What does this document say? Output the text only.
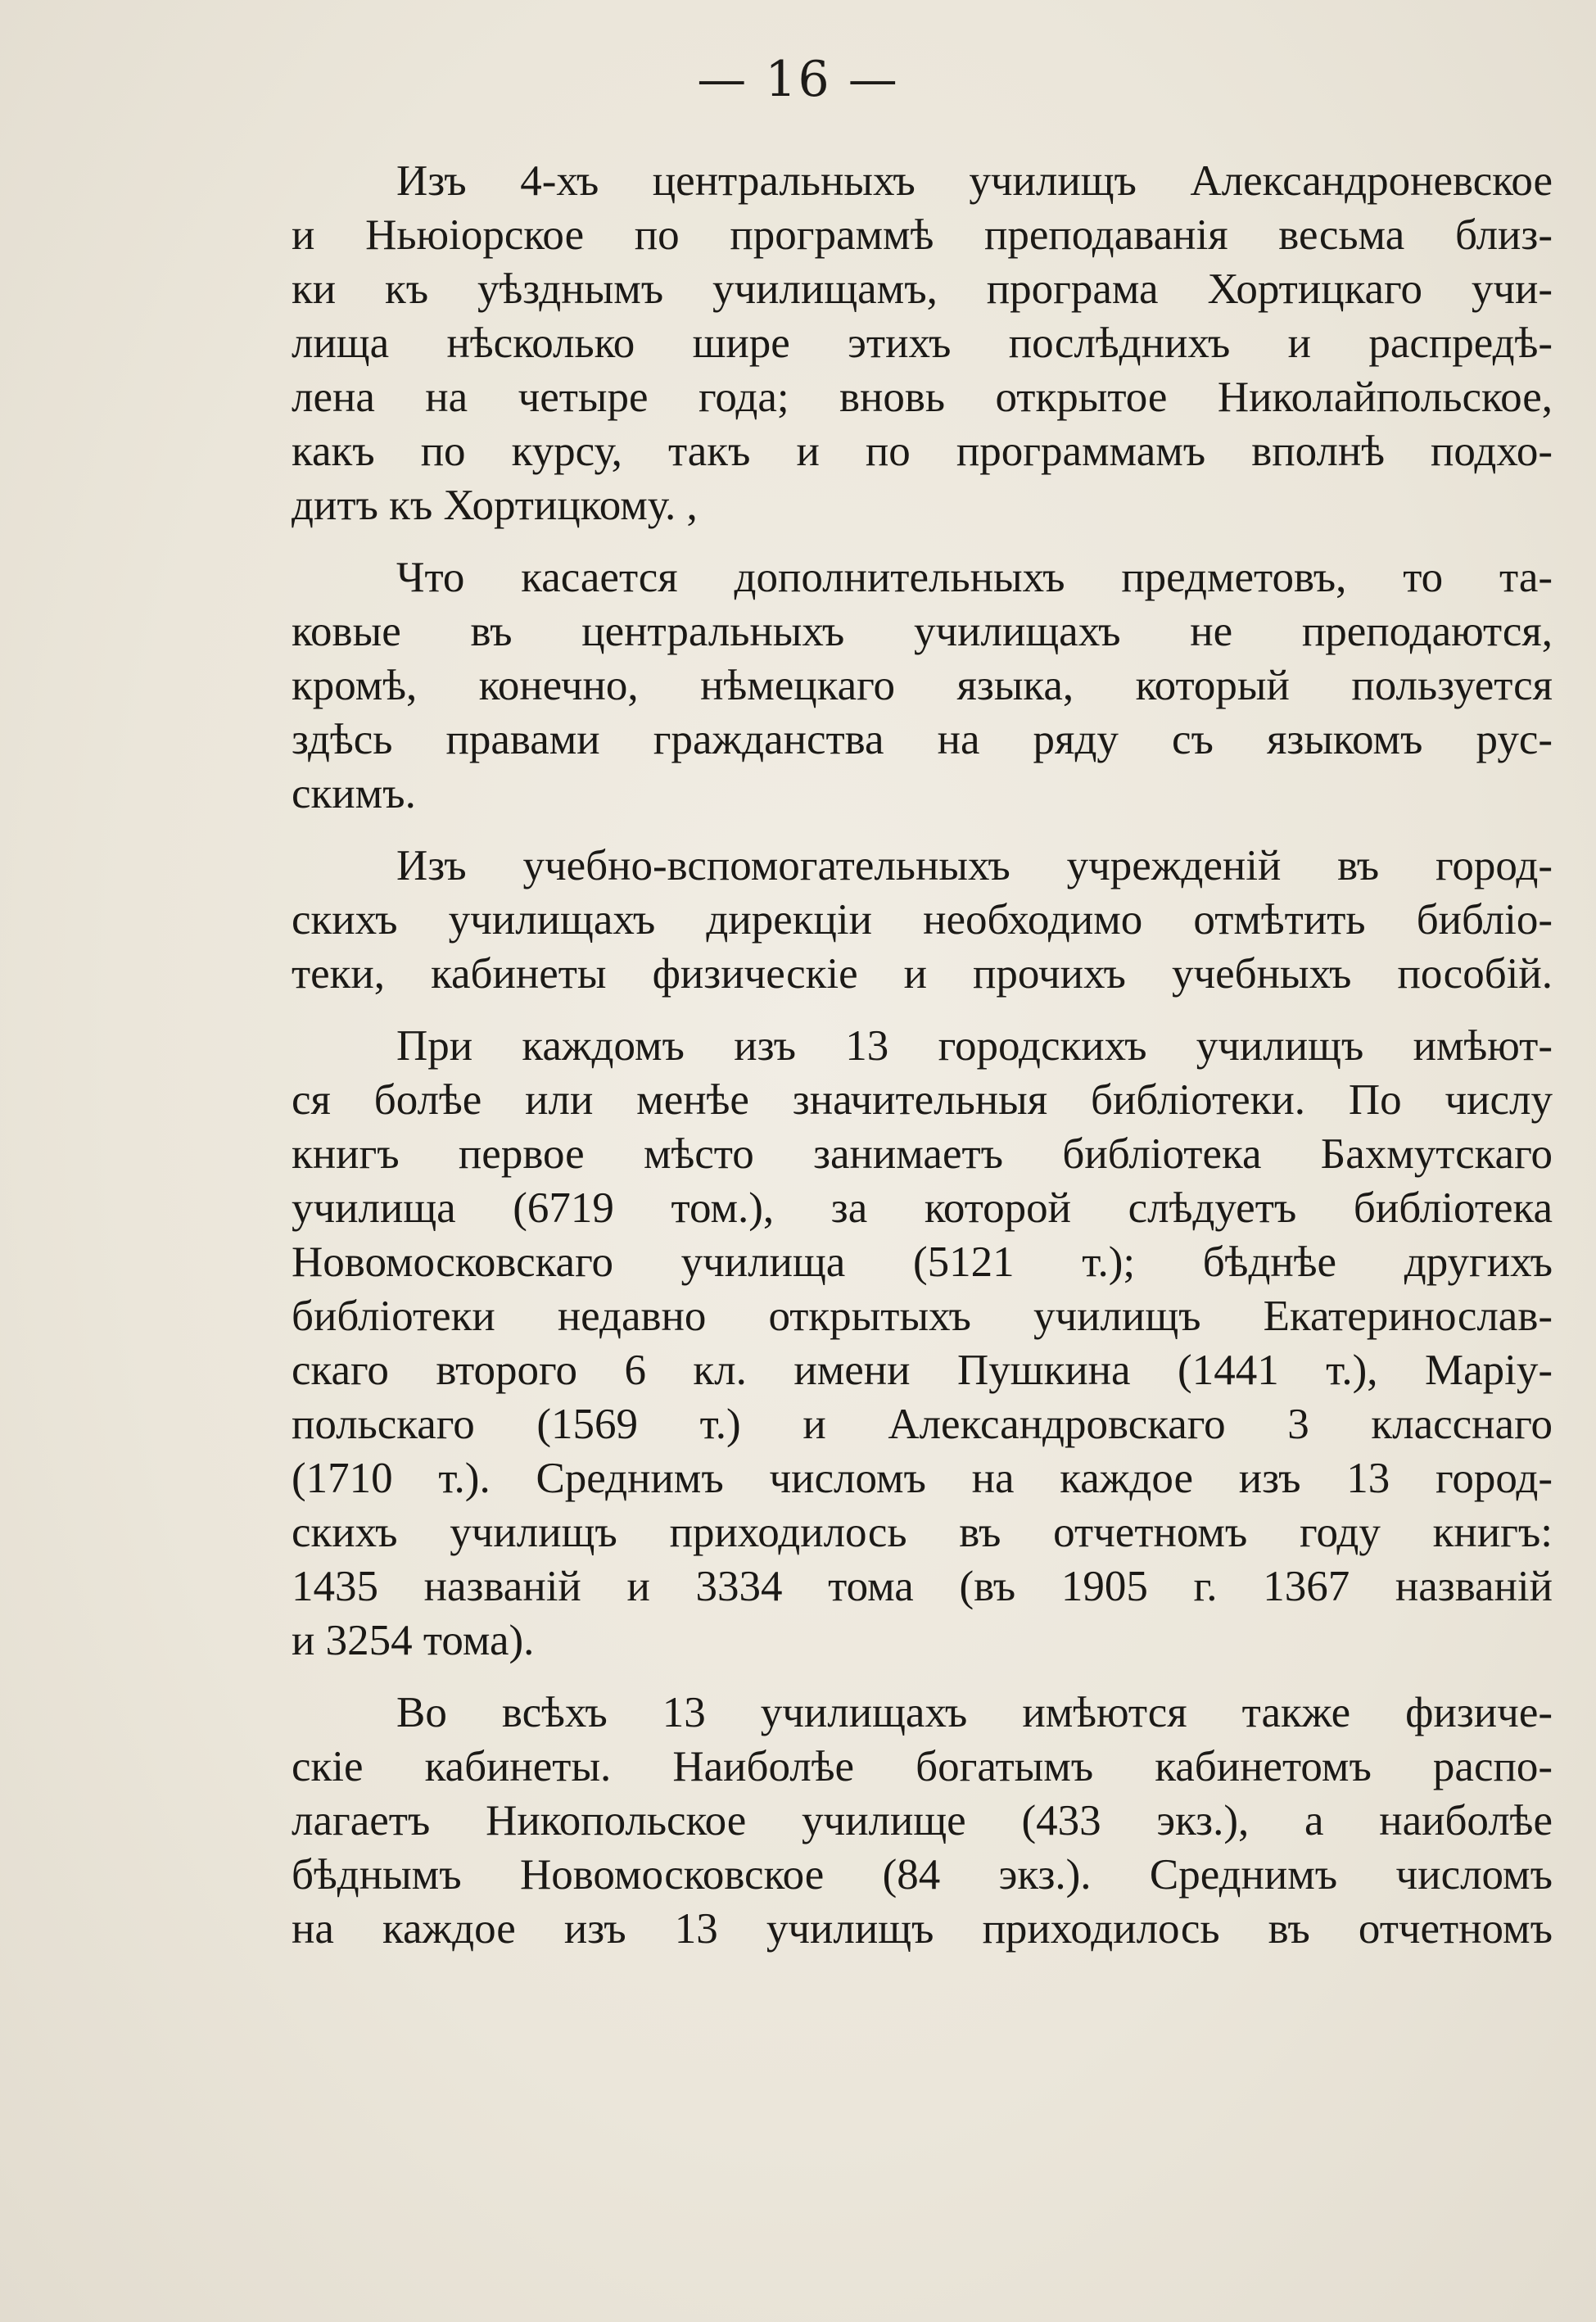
— 16 —
Изъ 4-хъ центральныхъ училищъ Александроневское
и Ньюiорское по программѣ преподаванiя весьма близ-
ки къ уѣзднымъ училищамъ, програма Хортицкаго учи-
лища нѣсколько шире этихъ послѣднихъ и распредѣ-
лена на четыре года; вновь открытое Николайпольское,
какъ по курсу, такъ и по программамъ вполнѣ подхо-
дитъ къ Хортицкому. ,
Что касается дополнительныхъ предметовъ, то та-
ковые въ центральныхъ училищахъ не преподаются,
кромѣ, конечно, нѣмецкаго языка, который пользуется
здѣсь правами гражданства на ряду съ языкомъ рус-
скимъ.
Изъ учебно-вспомогательныхъ учрежденiй въ город-
скихъ училищахъ дирекцiи необходимо отмѣтить библiо-
теки, кабинеты физическiе и прочихъ учебныхъ пособiй.
При каждомъ изъ 13 городскихъ училищъ имѣют-
ся болѣе или менѣе значительныя библiотеки. По числу
книгъ первое мѣсто занимаетъ библiотека Бахмутскаго
училища (6719 том.), за которой слѣдуетъ библiотека
Новомосковскаго училища (5121 т.); бѣднѣе другихъ
библiотеки недавно открытыхъ училищъ Екатеринослав-
скаго второго 6 кл. имени Пушкина (1441 т.), Марiу-
польскаго (1569 т.) и Александровскаго 3 класснаго
(1710 т.). Среднимъ числомъ на каждое изъ 13 город-
скихъ училищъ приходилось въ отчетномъ году книгъ:
1435 названiй и 3334 тома (въ 1905 г. 1367 названiй
и 3254 тома).
Во всѣхъ 13 училищахъ имѣются также физиче-
скiе кабинеты. Наиболѣе богатымъ кабинетомъ распо-
лагаетъ Никопольское училище (433 экз.), а наиболѣе
бѣднымъ Новомосковское (84 экз.). Среднимъ числомъ
на каждое изъ 13 училищъ приходилось въ отчетномъ
